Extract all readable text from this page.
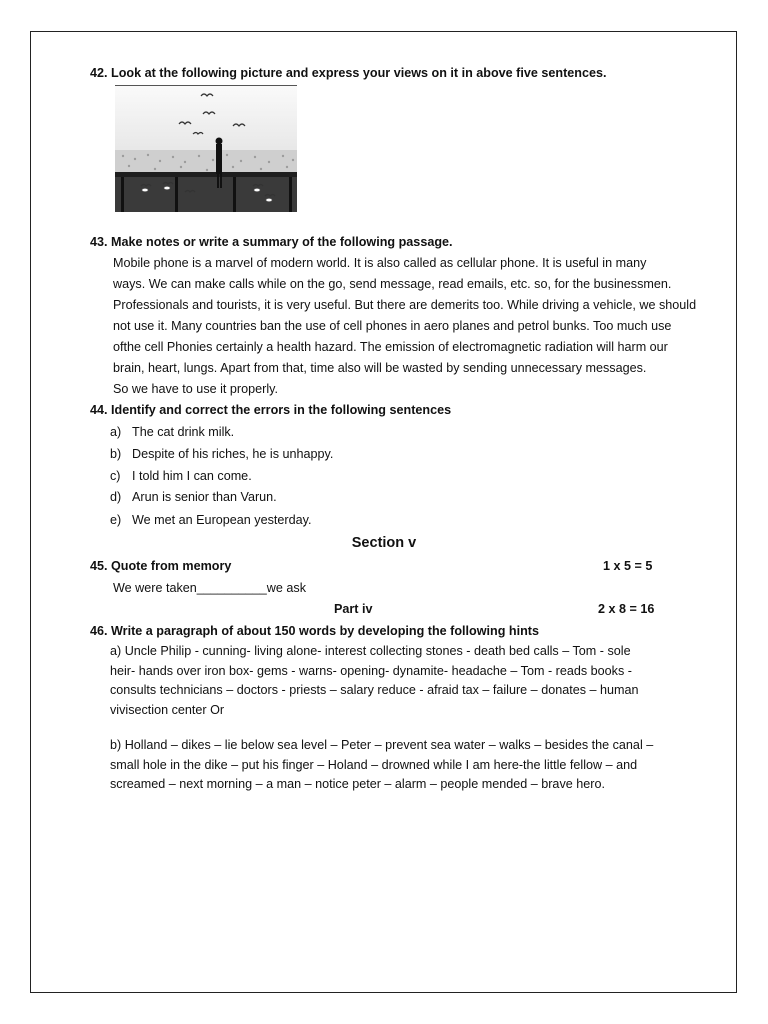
42. Look at the following picture and express your views on it in above five sentences.
43. Make notes or write a summary of the following passage.
Mobile phone is a marvel of modern world. It is also called as cellular phone. It is useful in many
ways. We can make calls while on the go, send message, read emails, etc. so, for the businessmen.
Professionals and tourists, it is very useful. But there are demerits too. While driving a vehicle, we should
not use it. Many countries ban the use of cell phones in aero planes and petrol bunks. Too much use
ofthe cell Phonies certainly a health hazard. The emission of electromagnetic radiation will harm our
brain, heart, lungs. Apart from that, time also will be wasted by sending unnecessary messages.
So we have to use it properly.
44. Identify and correct the errors in the following sentences
a) The cat drink milk.
b) Despite of his riches, he is unhappy.
c) I told him I can come.
d) Arun is senior than Varun.
e) We met an European yesterday.
Section v
45. Quote from memory	1 x 5 = 5
We were taken__________we ask
Part iv	2 x 8 = 16
46. Write a paragraph of about 150 words by developing the following hints
a) Uncle Philip - cunning- living alone- interest collecting stones - death bed calls – Tom - sole
heir- hands over iron box- gems - warns- opening- dynamite- headache – Tom - reads books -
consults technicians – doctors - priests – salary reduce - afraid tax – failure – donates – human
vivisection center Or
b) Holland – dikes – lie below sea level – Peter – prevent sea water – walks – besides the canal –
small hole in the dike – put his finger – Holand – drowned while I am here-the little fellow – and
screamed – next morning – a man – notice peter – alarm – people mended – brave hero.
